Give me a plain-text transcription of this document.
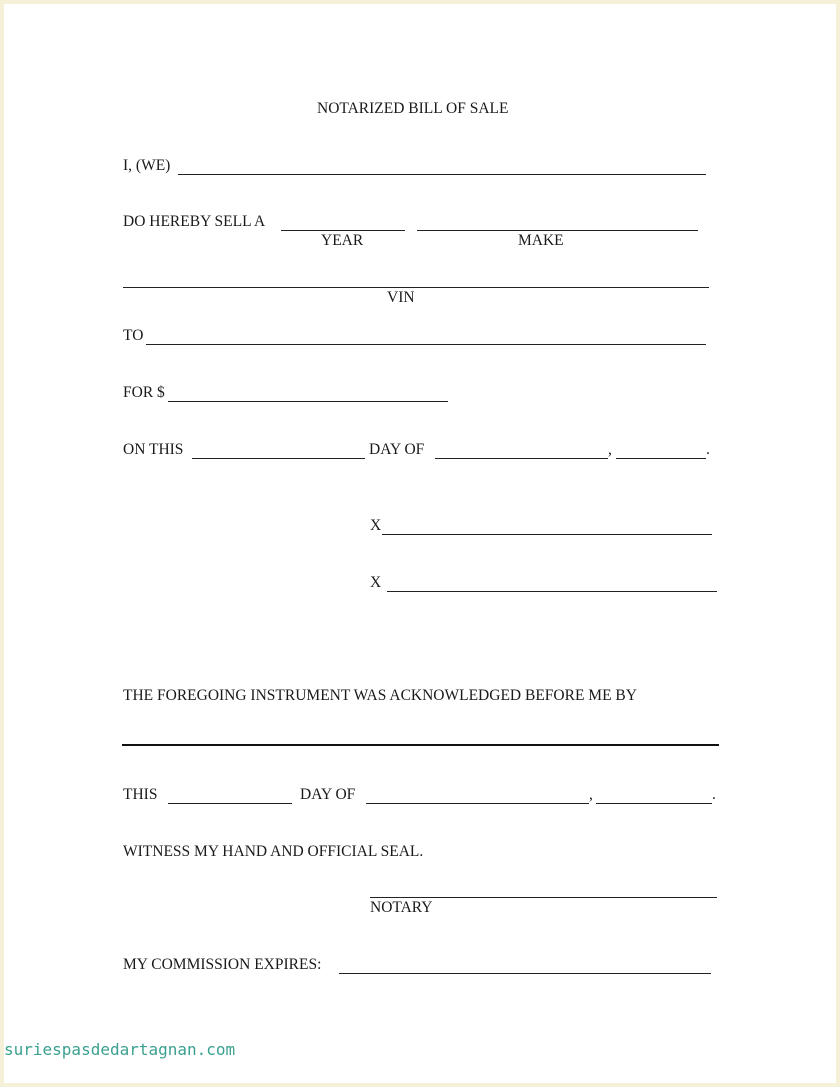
NOTARIZED BILL OF SALE
I, (WE)
DO HEREBY SELL A
YEAR	MAKE
VIN
TO
FOR $
ON THIS	DAY OF	,	.
X
X
THE FOREGOING INSTRUMENT WAS ACKNOWLEDGED BEFORE ME BY
THIS	DAY OF	,	.
WITNESS MY HAND AND OFFICIAL SEAL.
NOTARY
MY COMMISSION EXPIRES:
suriespasdedartagnan.com
